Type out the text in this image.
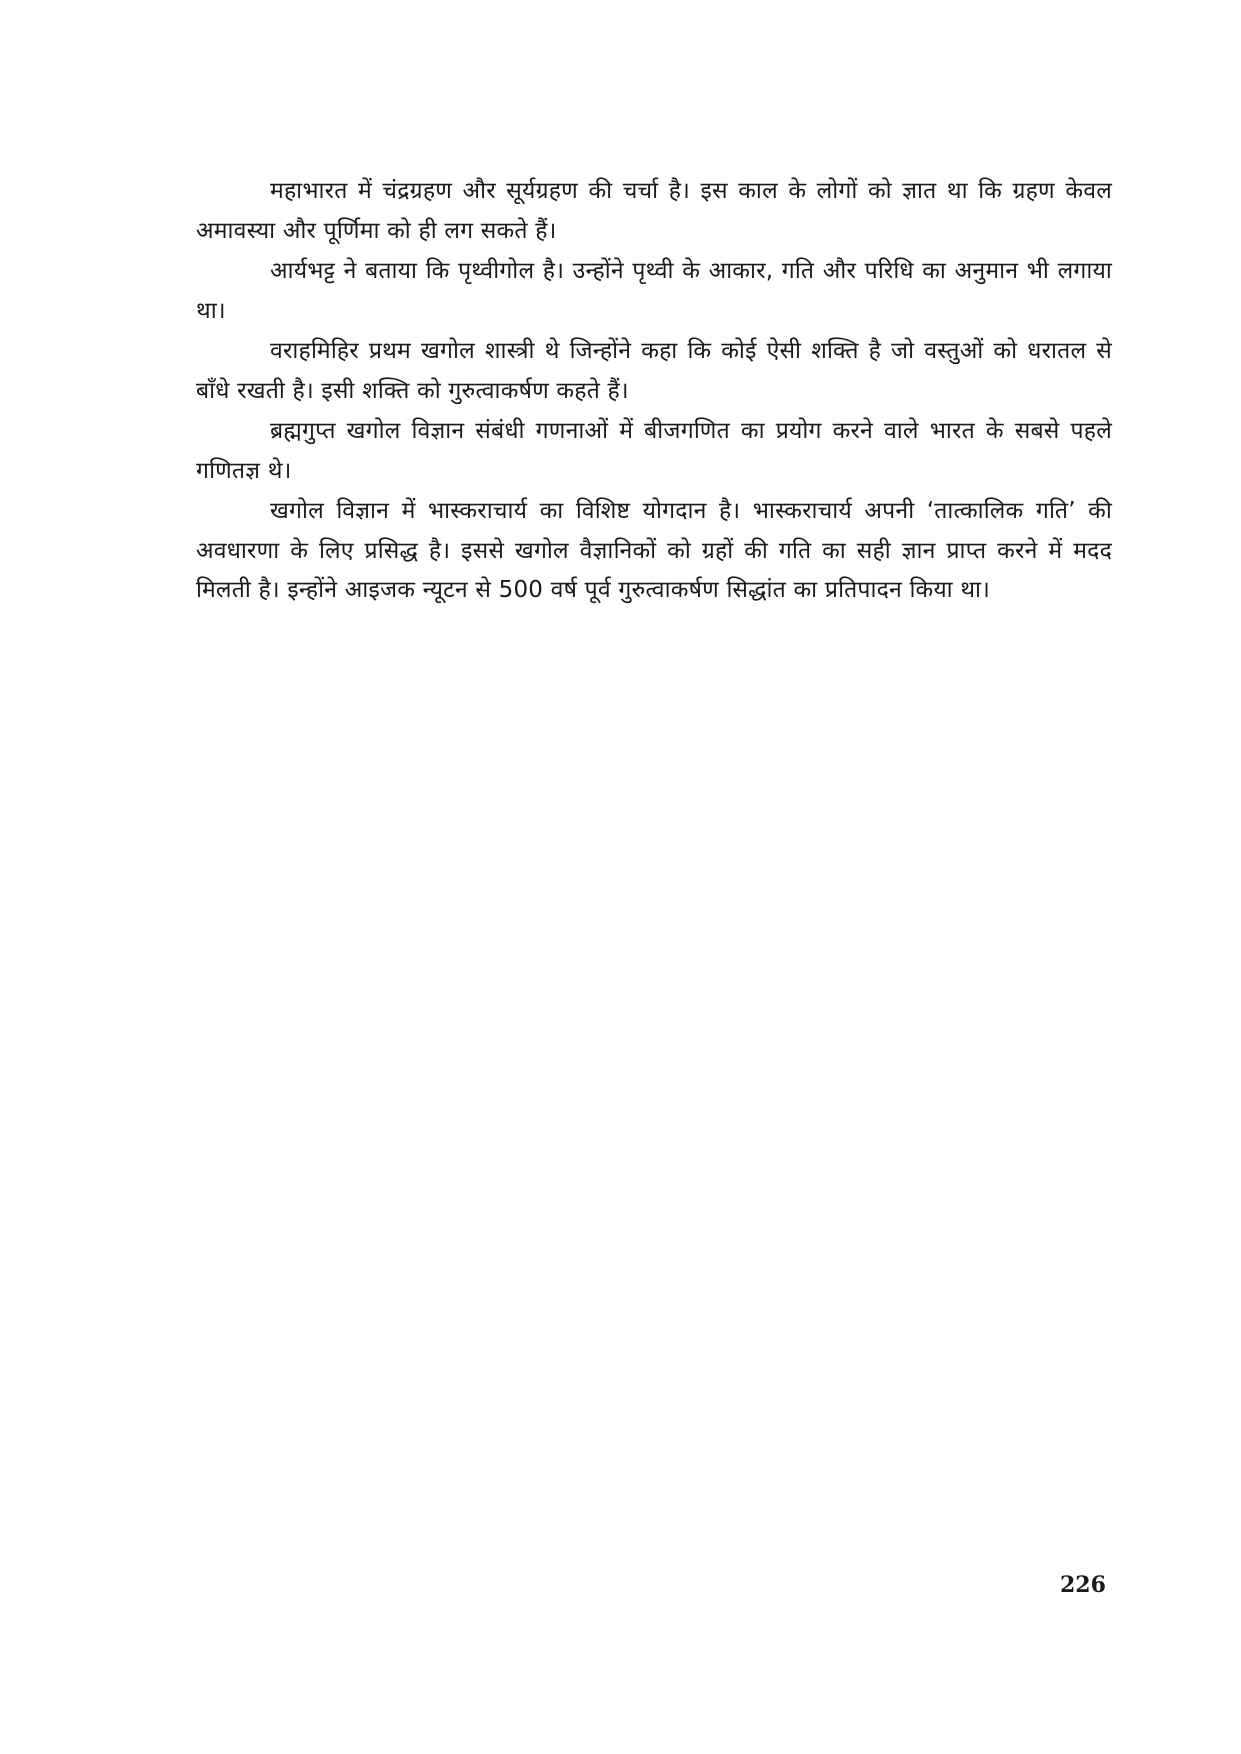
महाभारत में चंद्रग्रहण और सूर्यग्रहण की चर्चा है। इस काल के लोगों को ज्ञात था कि ग्रहण केवल अमावस्या और पूर्णिमा को ही लग सकते हैं।

आर्यभट्ट ने बताया कि पृथ्वीगोल है। उन्होंने पृथ्वी के आकार, गति और परिधि का अनुमान भी लगाया था।

वराहमिहिर प्रथम खगोल शास्त्री थे जिन्होंने कहा कि कोई ऐसी शक्ति है जो वस्तुओं को धरातल से बाँधे रखती है। इसी शक्ति को गुरुत्वाकर्षण कहते हैं।

ब्रह्मगुप्त खगोल विज्ञान संबंधी गणनाओं में बीजगणित का प्रयोग करने वाले भारत के सबसे पहले गणितज्ञ थे।

खगोल विज्ञान में भास्कराचार्य का विशिष्ट योगदान है। भास्कराचार्य अपनी ‘तात्कालिक गति’ की अवधारणा के लिए प्रसिद्ध है। इससे खगोल वैज्ञानिकों को ग्रहों की गति का सही ज्ञान प्राप्त करने में मदद मिलती है। इन्होंने आइजक न्यूटन से 500 वर्ष पूर्व गुरुत्वाकर्षण सिद्धांत का प्रतिपादन किया था।

226
